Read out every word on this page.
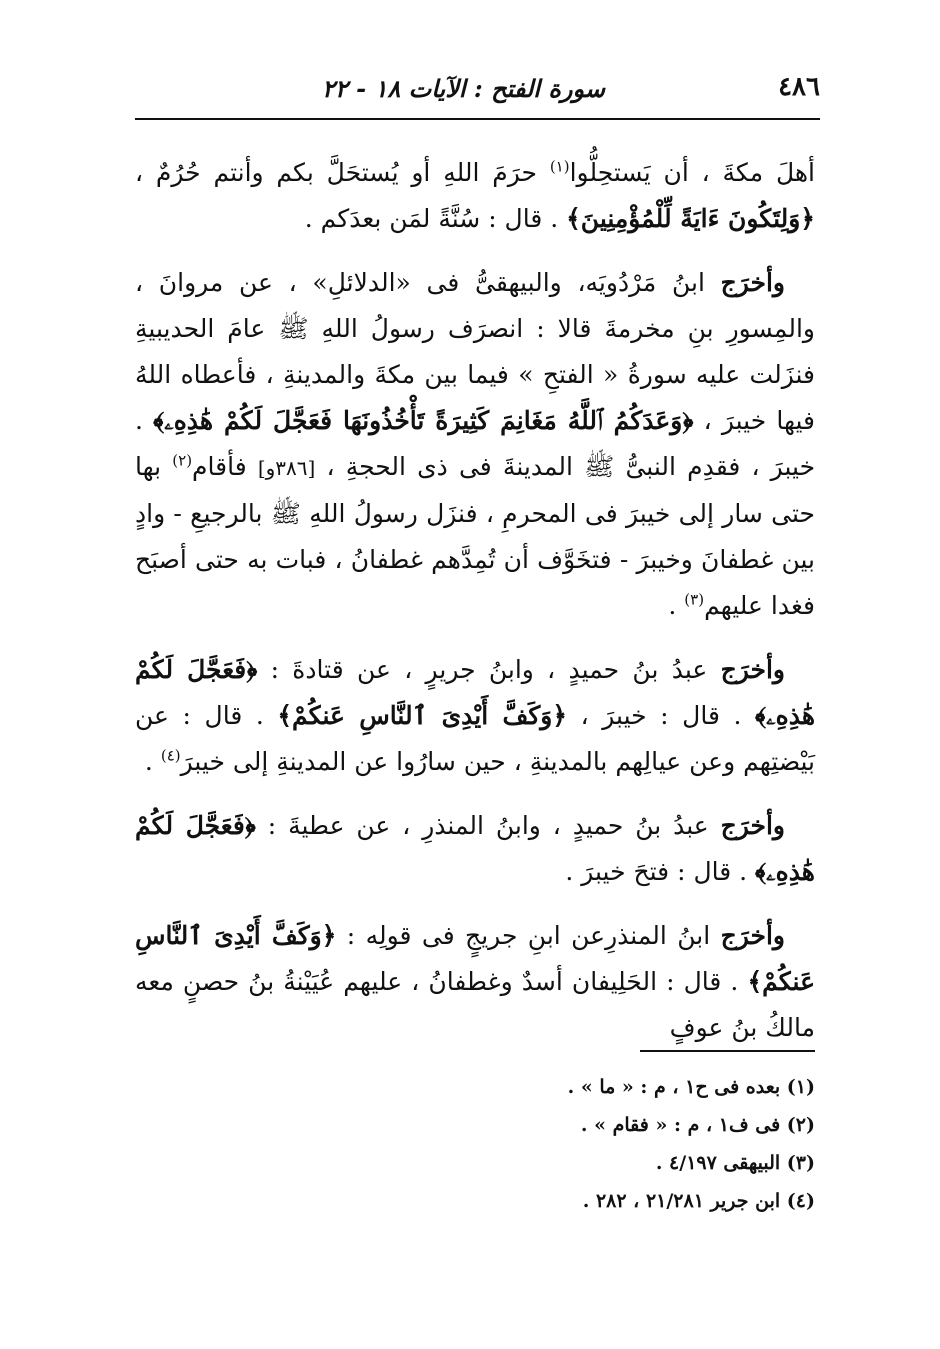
٤٨٦
سورة الفتح : الآيات ١٨ - ٢٢

أهلَ مكةَ ، أن يَستحِلُّوا$^{(١)}$ حرَمَ اللهِ أو يُستحَلَّ بكم وأنتم حُرُمٌ ، ﴿وَلِتَكُونَ ءَايَةً لِّلْمُؤْمِنِينَ﴾ . قال : سُنَّةً لمَن بعدَكم .

وأخرَج ابنُ مَرْدُويَه، والبيهقىُّ فى «الدلائلِ» ، عن مروانَ ، والمِسورِ بنِ مخرمةَ قالا : انصرَف رسولُ اللهِ ﷺ عامَ الحديبيةِ فنزَلت عليه سورةُ « الفتحِ » فيما بين مكةَ والمدينةِ ، فأعطاه اللهُ فيها خيبرَ ، ﴿وَعَدَكُمُ ٱللَّهُ مَغَانِمَ كَثِيرَةً تَأْخُذُونَهَا فَعَجَّلَ لَكُمْ هَٰذِهِۦ﴾ . خيبرَ ، فقدِم النبىُّ ﷺ المدينةَ فى ذى الحجةِ ، [٣٨٦و] فأقام$^{(٢)}$ بها حتى سار إلى خيبرَ فى المحرمِ ، فنزَل رسولُ اللهِ ﷺ بالرجيعِ - وادٍ بين غطفانَ وخيبرَ - فتخَوَّف أن تُمِدَّهم غطفانُ ، فبات به حتى أصبَح فغدا عليهم$^{(٣)}$ .

وأخرَج عبدُ بنُ حميدٍ ، وابنُ جريرٍ ، عن قتادةَ : ﴿فَعَجَّلَ لَكُمْ هَٰذِهِۦ﴾ . قال : خيبرَ ، ﴿وَكَفَّ أَيْدِىَ ٱلنَّاسِ عَنكُمْ﴾ . قال : عن بَيْضتِهم وعن عيالِهم بالمدينةِ ، حين سارُوا عن المدينةِ إلى خيبرَ$^{(٤)}$ .

وأخرَج عبدُ بنُ حميدٍ ، وابنُ المنذرِ ، عن عطيةَ : ﴿فَعَجَّلَ لَكُمْ هَٰذِهِۦ﴾ . قال : فتحَ خيبرَ .

وأخرَج ابنُ المنذرِعن ابنِ جريجٍ فى قولِه : ﴿وَكَفَّ أَيْدِىَ ٱلنَّاسِ عَنكُمْ﴾ . قال : الحَلِيفان أسدٌ وغطفانُ ، عليهم عُيَيْنةُ بنُ حصنٍ معه مالكُ بنُ عوفٍ

(١) بعده فى ح١ ، م : « ما » .

(٢) فى ف١ ، م : « فقام » .

(٣) البيهقى ٤/١٩٧ .

(٤) ابن جرير ٢١/٢٨١ ، ٢٨٢ .
